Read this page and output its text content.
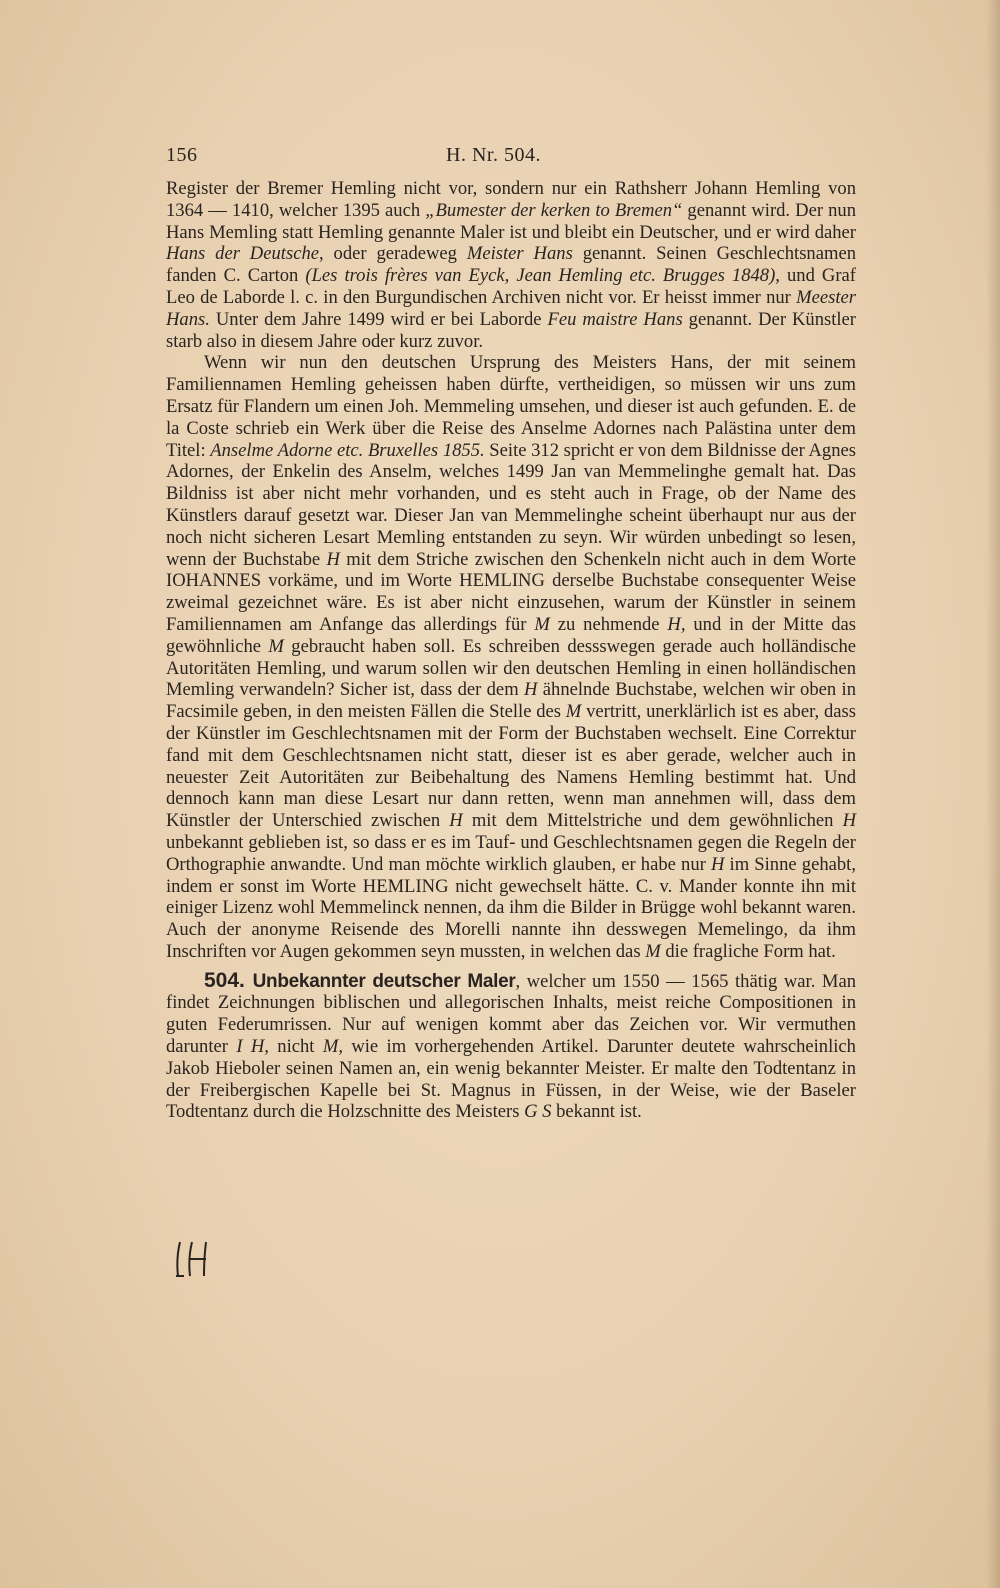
156	H. Nr. 504.

Register der Bremer Hemling nicht vor, sondern nur ein Rathsherr Johann Hemling von 1364 — 1410, welcher 1395 auch „Bumester der kerken to Bremen“ genannt wird. Der nun Hans Memling statt Hemling genannte Maler ist und bleibt ein Deutscher, und er wird daher Hans der Deutsche, oder geradeweg Meister Hans genannt. Seinen Geschlechtsnamen fanden C. Carton (Les trois frères van Eyck, Jean Hemling etc. Brugges 1848), und Graf Leo de Laborde l. c. in den Burgundischen Archiven nicht vor. Er heisst immer nur Meester Hans. Unter dem Jahre 1499 wird er bei Laborde Feu maistre Hans genannt. Der Künstler starb also in diesem Jahre oder kurz zuvor.

Wenn wir nun den deutschen Ursprung des Meisters Hans, der mit seinem Familiennamen Hemling geheissen haben dürfte, vertheidigen, so müssen wir uns zum Ersatz für Flandern um einen Joh. Memmeling umsehen, und dieser ist auch gefunden. E. de la Coste schrieb ein Werk über die Reise des Anselme Adornes nach Palästina unter dem Titel: Anselme Adorne etc. Bruxelles 1855. Seite 312 spricht er von dem Bildnisse der Agnes Adornes, der Enkelin des Anselm, welches 1499 Jan van Memmelinghe gemalt hat. Das Bildniss ist aber nicht mehr vorhanden, und es steht auch in Frage, ob der Name des Künstlers darauf gesetzt war. Dieser Jan van Memmelinghe scheint überhaupt nur aus der noch nicht sicheren Lesart Memling entstanden zu seyn. Wir würden unbedingt so lesen, wenn der Buchstabe H mit dem Striche zwischen den Schenkeln nicht auch in dem Worte IOHANNES vorkäme, und im Worte HEMLING derselbe Buchstabe consequenter Weise zweimal gezeichnet wäre. Es ist aber nicht einzusehen, warum der Künstler in seinem Familiennamen am Anfange das allerdings für M zu nehmende H, und in der Mitte das gewöhnliche M gebraucht haben soll. Es schreiben dessswegen gerade auch holländische Autoritäten Hemling, und warum sollen wir den deutschen Hemling in einen holländischen Memling verwandeln? Sicher ist, dass der dem H ähnelnde Buchstabe, welchen wir oben in Facsimile geben, in den meisten Fällen die Stelle des M vertritt, unerklärlich ist es aber, dass der Künstler im Geschlechtsnamen mit der Form der Buchstaben wechselt. Eine Correktur fand mit dem Geschlechtsnamen nicht statt, dieser ist es aber gerade, welcher auch in neuester Zeit Autoritäten zur Beibehaltung des Namens Hemling bestimmt hat. Und dennoch kann man diese Lesart nur dann retten, wenn man annehmen will, dass dem Künstler der Unterschied zwischen H mit dem Mittelstriche und dem gewöhnlichen H unbekannt geblieben ist, so dass er es im Tauf- und Geschlechtsnamen gegen die Regeln der Orthographie anwandte. Und man möchte wirklich glauben, er habe nur H im Sinne gehabt, indem er sonst im Worte HEMLING nicht gewechselt hätte. C. v. Mander konnte ihn mit einiger Lizenz wohl Memmelinck nennen, da ihm die Bilder in Brügge wohl bekannt waren. Auch der anonyme Reisende des Morelli nannte ihn desswegen Memelingo, da ihm Inschriften vor Augen gekommen seyn mussten, in welchen das M die fragliche Form hat.

504. Unbekannter deutscher Maler, welcher um 1550 — 1565 thätig war. Man findet Zeichnungen biblischen und allegorischen Inhalts, meist reiche Compositionen in guten Federumrissen. Nur auf wenigen kommt aber das Zeichen vor. Wir vermuthen darunter I H, nicht M, wie im vorhergehenden Artikel. Darunter deutete wahrscheinlich Jakob Hieboler seinen Namen an, ein wenig bekannter Meister. Er malte den Todtentanz in der Freibergischen Kapelle bei St. Magnus in Füssen, in der Weise, wie der Baseler Todtentanz durch die Holzschnitte des Meisters G S bekannt ist.
